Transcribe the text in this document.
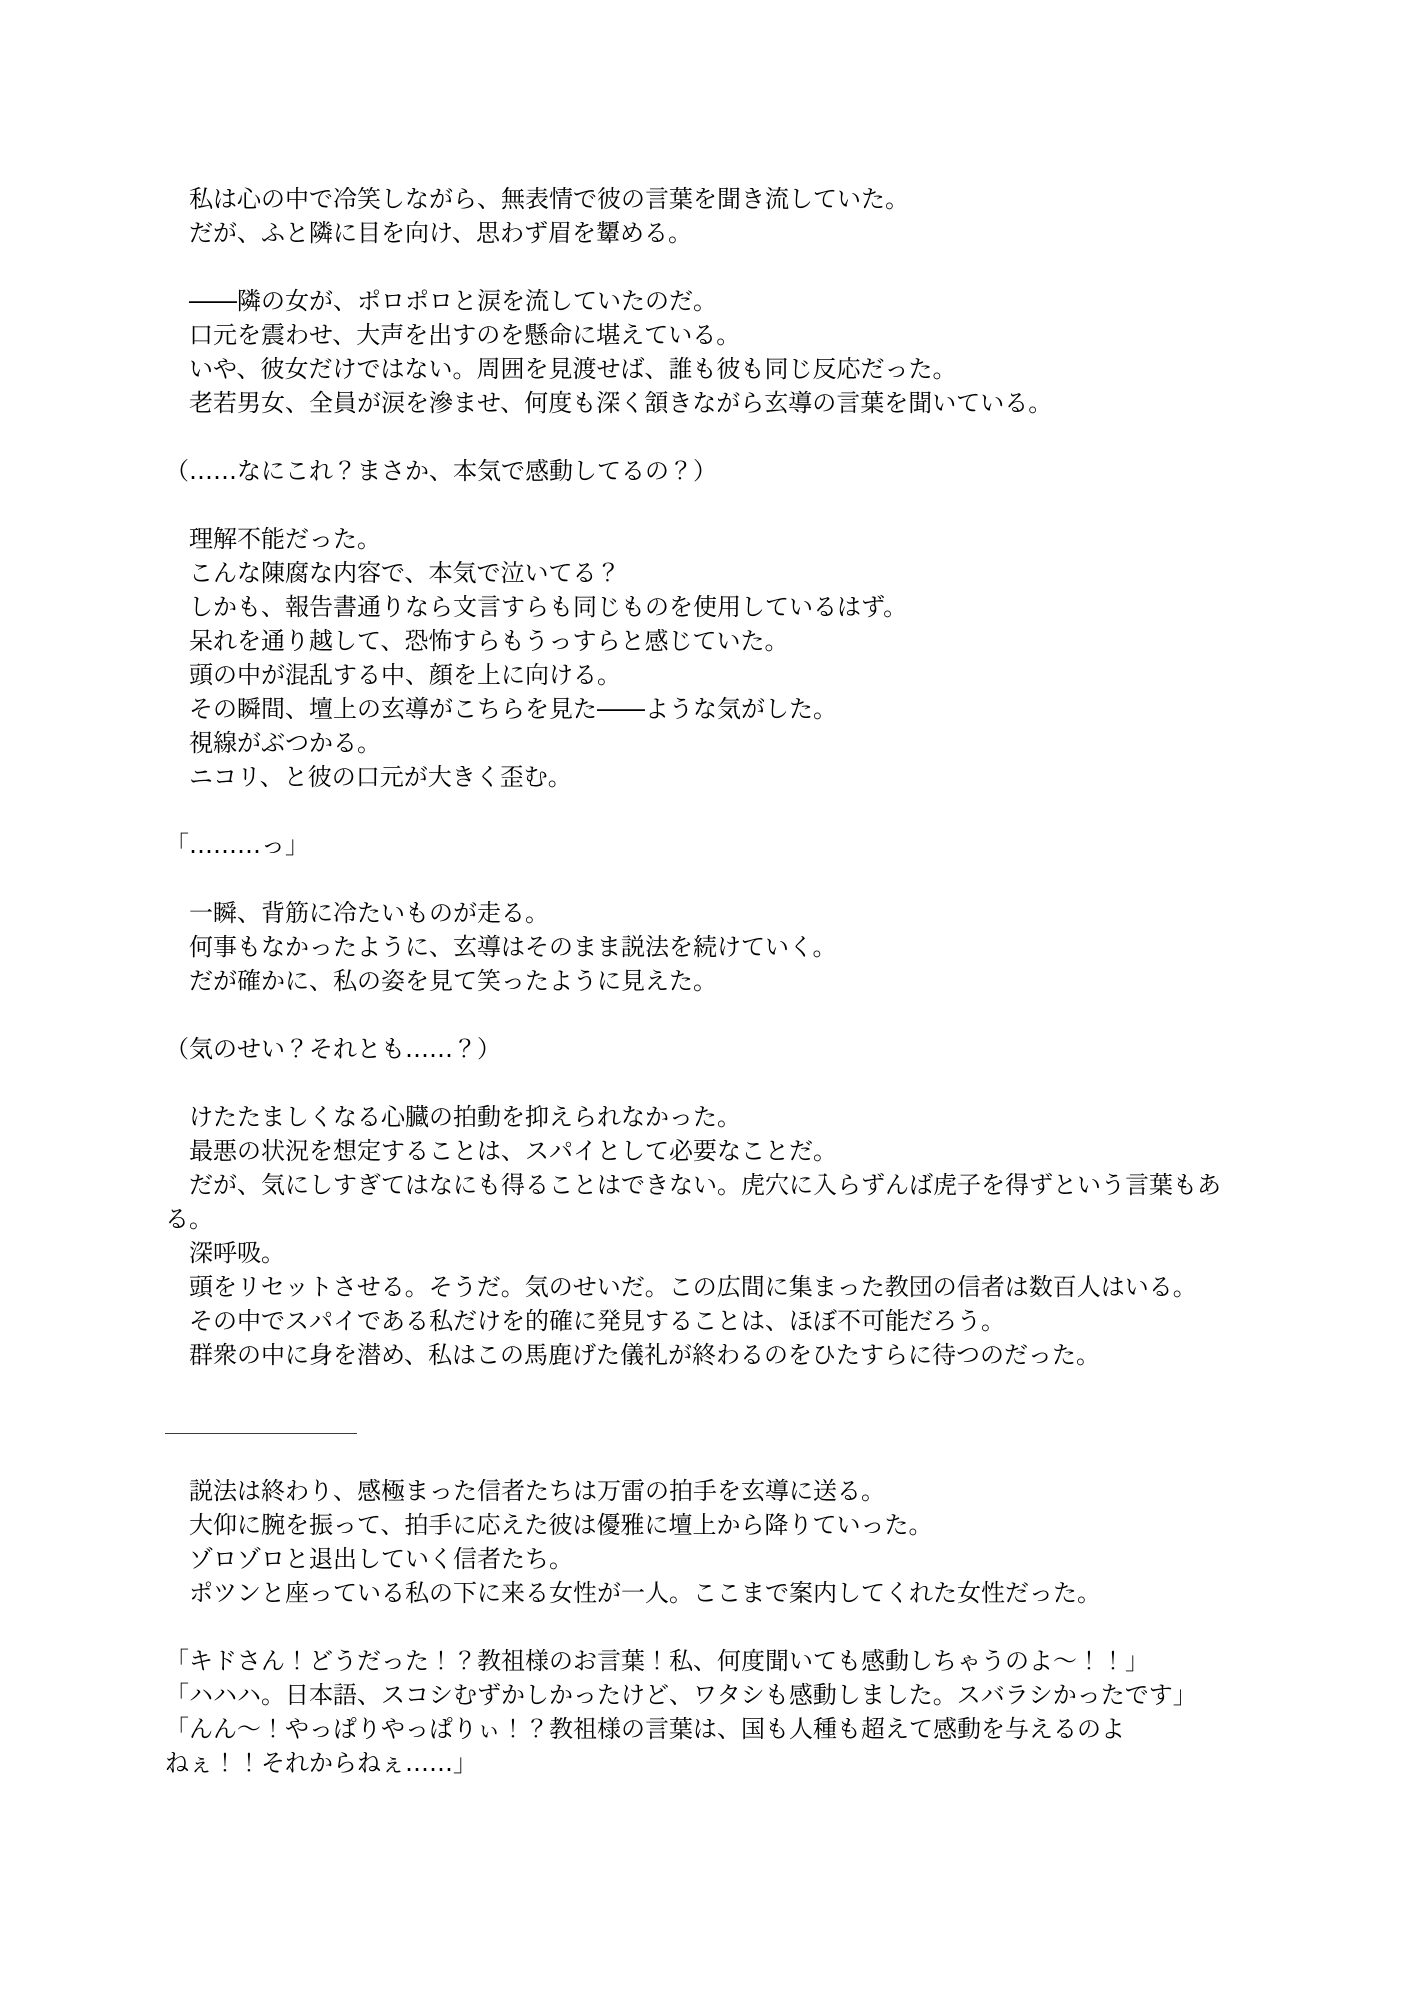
　私は心の中で冷笑しながら、無表情で彼の言葉を聞き流していた。
　だが、ふと隣に目を向け、思わず眉を顰める。
　――隣の女が、ポロポロと涙を流していたのだ。
　口元を震わせ、大声を出すのを懸命に堪えている。
　いや、彼女だけではない。周囲を見渡せば、誰も彼も同じ反応だった。
　老若男女、全員が涙を滲ませ、何度も深く頷きながら玄導の言葉を聞いている。
（……なにこれ？まさか、本気で感動してるの？）
　理解不能だった。
　こんな陳腐な内容で、本気で泣いてる？
　しかも、報告書通りなら文言すらも同じものを使用しているはず。
　呆れを通り越して、恐怖すらもうっすらと感じていた。
　頭の中が混乱する中、顔を上に向ける。
　その瞬間、壇上の玄導がこちらを見た――ような気がした。
　視線がぶつかる。
　ニコリ、と彼の口元が大きく歪む。
「………っ」
　一瞬、背筋に冷たいものが走る。
　何事もなかったように、玄導はそのまま説法を続けていく。
　だが確かに、私の姿を見て笑ったように見えた。
（気のせい？それとも……？）
　けたたましくなる心臓の拍動を抑えられなかった。
　最悪の状況を想定することは、スパイとして必要なことだ。
　だが、気にしすぎてはなにも得ることはできない。虎穴に入らずんば虎子を得ずという言葉もあ
る。
　深呼吸。
　頭をリセットさせる。そうだ。気のせいだ。この広間に集まった教団の信者は数百人はいる。
　その中でスパイである私だけを的確に発見することは、ほぼ不可能だろう。
　群衆の中に身を潜め、私はこの馬鹿げた儀礼が終わるのをひたすらに待つのだった。
＿＿＿＿＿＿＿＿
　説法は終わり、感極まった信者たちは万雷の拍手を玄導に送る。
　大仰に腕を振って、拍手に応えた彼は優雅に壇上から降りていった。
　ゾロゾロと退出していく信者たち。
　ポツンと座っている私の下に来る女性が一人。ここまで案内してくれた女性だった。
「キドさん！どうだった！？教祖様のお言葉！私、何度聞いても感動しちゃうのよ～！！」
「ハハハ。日本語、スコシむずかしかったけど、ワタシも感動しました。スバラシかったです」
「んん～！やっぱりやっぱりぃ！？教祖様の言葉は、国も人種も超えて感動を与えるのよ
ねぇ！！それからねぇ……」
